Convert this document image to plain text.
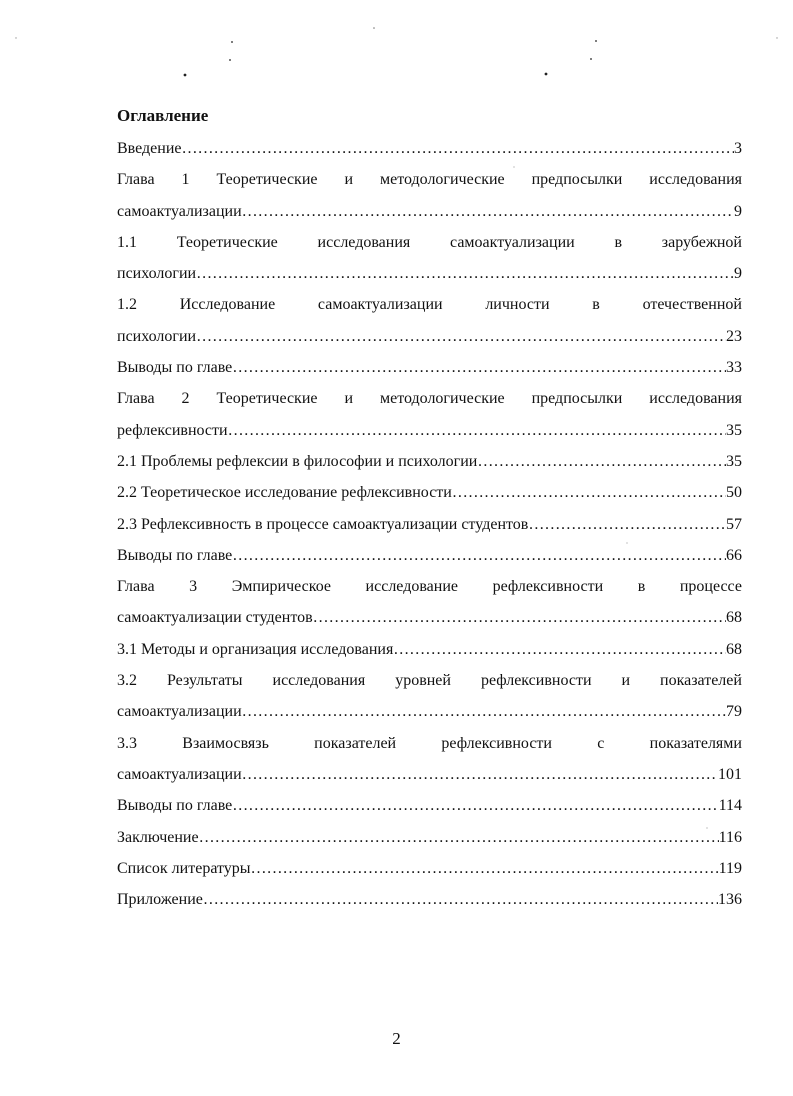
Оглавление
Введение ………………………………………………………………………………………………………………………………………………………………………	3
Глава 1 Теоретические и методологические предпосылки исследования
самоактуализации ………………………………………………………………………………………………………………………………………………………………………	9
1.1 Теоретические исследования самоактуализации в зарубежной
психологии ………………………………………………………………………………………………………………………………………………………………………	9
1.2	Исследование	самоактуализации	личности	в	отечественной
психологии ………………………………………………………………………………………………………………………………………………………………………	23
Выводы по главе ………………………………………………………………………………………………………………………………………………………………………	33
Глава 2 Теоретические и методологические предпосылки исследования
рефлексивности ………………………………………………………………………………………………………………………………………………………………………	35
2.1 Проблемы рефлексии в философии и психологии ………………………………………………………………………………………………………………………………………………………………………	35
2.2 Теоретическое исследование рефлексивности ………………………………………………………………………………………………………………………………………………………………………	50
2.3 Рефлексивность в процессе самоактуализации студентов ………………………………………………………………………………………………………………………………………………………………………	57
Выводы по главе ………………………………………………………………………………………………………………………………………………………………………	66
Глава 3 Эмпирическое исследование рефлексивности в процессе
самоактуализации студентов ………………………………………………………………………………………………………………………………………………………………………	68
3.1 Методы и организация исследования ………………………………………………………………………………………………………………………………………………………………………	68
3.2 Результаты исследования уровней рефлексивности и показателей
самоактуализации ………………………………………………………………………………………………………………………………………………………………………	79
3.3	Взаимосвязь	показателей	рефлексивности	с	показателями
самоактуализации ………………………………………………………………………………………………………………………………………………………………………	101
Выводы по главе ………………………………………………………………………………………………………………………………………………………………………	114
Заключение ………………………………………………………………………………………………………………………………………………………………………	116
Список литературы ………………………………………………………………………………………………………………………………………………………………………	119
Приложение ………………………………………………………………………………………………………………………………………………………………………	136
2
